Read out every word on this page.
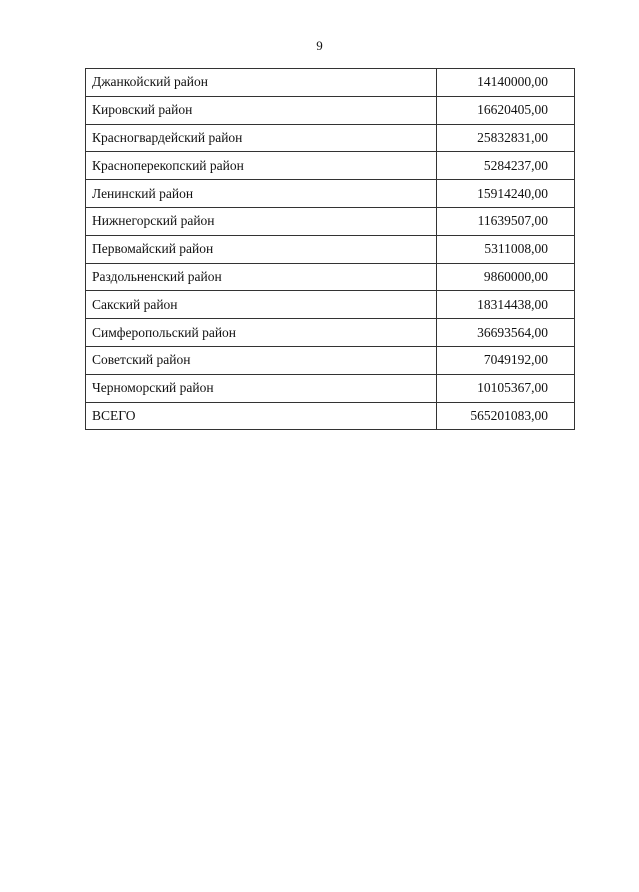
9
Джанкойский район	14140000,00
Кировский район	16620405,00
Красногвардейский район	25832831,00
Красноперекопский район	5284237,00
Ленинский район	15914240,00
Нижнегорский район	11639507,00
Первомайский район	5311008,00
Раздольненский район	9860000,00
Сакский район	18314438,00
Симферопольский район	36693564,00
Советский район	7049192,00
Черноморский район	10105367,00
ВСЕГО	565201083,00
